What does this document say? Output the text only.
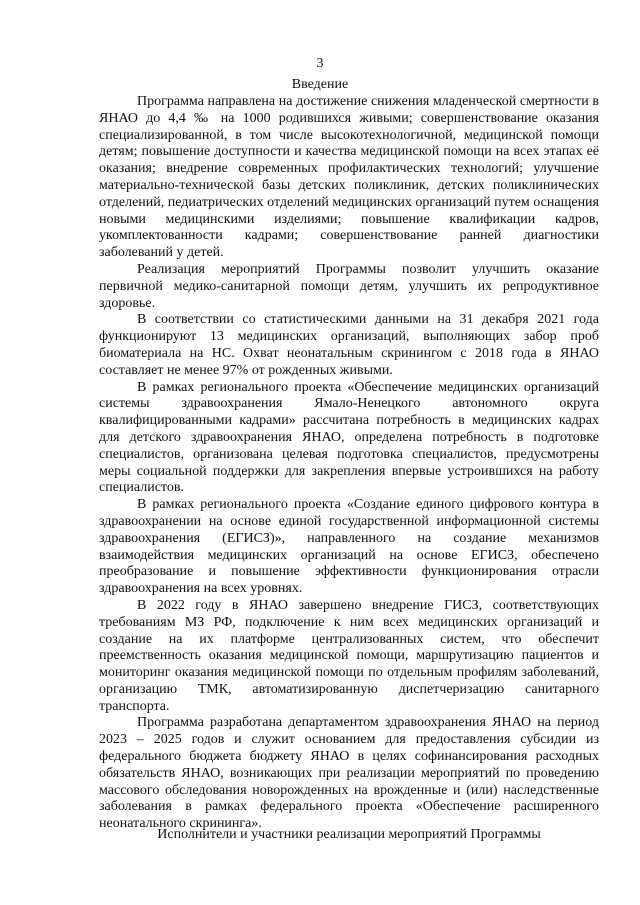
3
Введение

Программа направлена на достижение снижения младенческой смертности в ЯНАО до 4,4 ‰ на 1000 родившихся живыми; совершенствование оказания специализированной, в том числе высокотехнологичной, медицинской помощи детям; повышение доступности и качества медицинской помощи на всех этапах её оказания; внедрение современных профилактических технологий; улучшение материально-технической базы детских поликлиник, детских поликлинических отделений, педиатрических отделений медицинских организаций путем оснащения новыми медицинскими изделиями; повышение квалификации кадров, укомплектованности кадрами; совершенствование ранней диагностики заболеваний у детей.

Реализация мероприятий Программы позволит улучшить оказание первичной медико-санитарной помощи детям, улучшить их репродуктивное здоровье.

В соответствии со статистическими данными на 31 декабря 2021 года функционируют 13 медицинских организаций, выполняющих забор проб биоматериала на НС. Охват неонатальным скринингом с 2018 года в ЯНАО составляет не менее 97% от рожденных живыми.

В рамках регионального проекта «Обеспечение медицинских организаций системы здравоохранения Ямало-Ненецкого автономного округа квалифицированными кадрами» рассчитана потребность в медицинских кадрах для детского здравоохранения ЯНАО, определена потребность в подготовке специалистов, организована целевая подготовка специалистов, предусмотрены меры социальной поддержки для закрепления впервые устроившихся на работу специалистов.

В рамках регионального проекта «Создание единого цифрового контура в здравоохранении на основе единой государственной информационной системы здравоохранения (ЕГИСЗ)», направленного на создание механизмов взаимодействия медицинских организаций на основе ЕГИСЗ, обеспечено преобразование и повышение эффективности функционирования отрасли здравоохранения на всех уровнях.

В 2022 году в ЯНАО завершено внедрение ГИСЗ, соответствующих требованиям МЗ РФ, подключение к ним всех медицинских организаций и создание на их платформе централизованных систем, что обеспечит преемственность оказания медицинской помощи, маршрутизацию пациентов и мониторинг оказания медицинской помощи по отдельным профилям заболеваний, организацию ТМК, автоматизированную диспетчеризацию санитарного транспорта.

Программа разработана департаментом здравоохранения ЯНАО на период 2023 – 2025 годов и служит основанием для предоставления субсидии из федерального бюджета бюджету ЯНАО в целях софинансирования расходных обязательств ЯНАО, возникающих при реализации мероприятий по проведению массового обследования новорожденных на врожденные и (или) наследственные заболевания в рамках федерального проекта «Обеспечение расширенного неонатального скрининга».

Исполнители и участники реализации мероприятий Программы
